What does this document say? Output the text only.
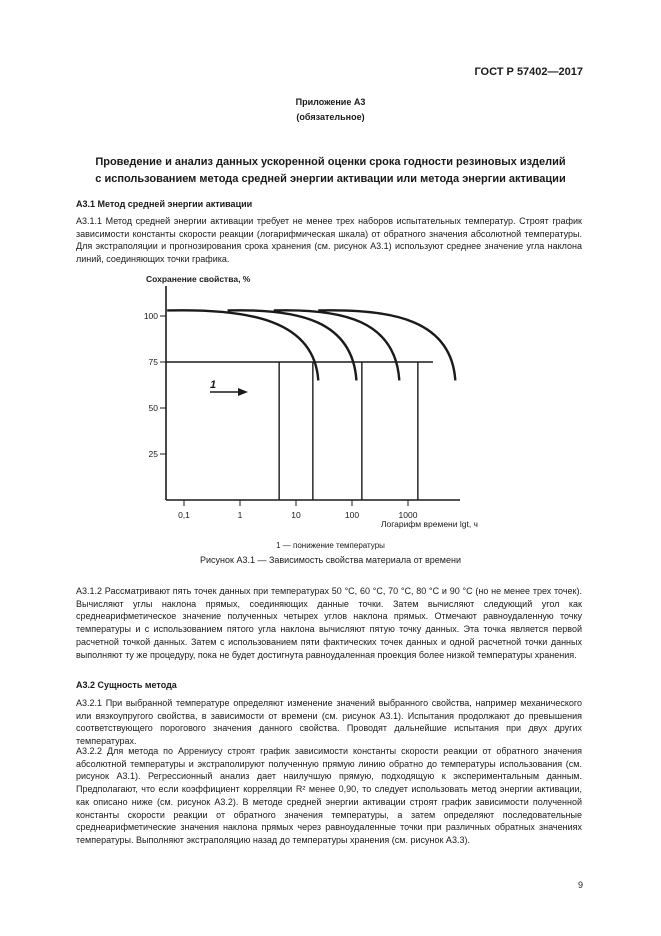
ГОСТ Р 57402—2017
Приложение А3
(обязательное)
Проведение и анализ данных ускоренной оценки срока годности резиновых изделий
с использованием метода средней энергии активации или метода энергии активации
А3.1 Метод средней энергии активации

А3.1.1 Метод средней энергии активации требует не менее трех наборов испытательных температур. Строят график зависимости константы скорости реакции (логарифмическая шкала) от обратного значения абсолютной температуры. Для экстраполяции и прогнозирования срока хранения (см. рисунок А3.1) используют среднее значение угла наклона линий, соединяющих точки графика.

Сохранение свойства, %
100
75
50
25
0,1	1	10	100	1000
1
Логарифм времени lgt, ч
1 — понижение температуры
Рисунок А3.1 — Зависимость свойства материала от времени

А3.1.2 Рассматривают пять точек данных при температурах 50 °С, 60 °С, 70 °С, 80 °С и 90 °С (но не менее трех точек). Вычисляют углы наклона прямых, соединяющих данные точки. Затем вычисляют следующий угол как среднеарифметическое значение полученных четырех углов наклона прямых. Отмечают равноудаленную точку температуры и с использованием пятого угла наклона вычисляют пятую точку данных. Эта точка является первой расчетной точкой данных. Затем с использованием пяти фактических точек данных и одной расчетной точки данных выполняют ту же процедуру, пока не будет достигнута равноудаленная проекция более низкой температуры хранения.

А3.2 Сущность метода

А3.2.1 При выбранной температуре определяют изменение значений выбранного свойства, например механического или вязкоупругого свойства, в зависимости от времени (см. рисунок А3.1). Испытания продолжают до превышения соответствующего порогового значения данного свойства. Проводят дальнейшие испытания при двух других температурах.

А3.2.2 Для метода по Аррениусу строят график зависимости константы скорости реакции от обратного значения абсолютной температуры и экстраполируют полученную прямую линию обратно до температуры использования (см. рисунок А3.1). Регрессионный анализ дает наилучшую прямую, подходящую к экспериментальным данным. Предполагают, что если коэффициент корреляции R² менее 0,90, то следует использовать метод энергии активации, как описано ниже (см. рисунок А3.2). В методе средней энергии активации строят график зависимости полученной константы скорости реакции от обратного значения температуры, а затем определяют последовательные среднеарифметические значения наклона прямых через равноудаленные точки при различных обратных значениях температуры. Выполняют экстраполяцию назад до температуры хранения (см. рисунок А3.3).

9
